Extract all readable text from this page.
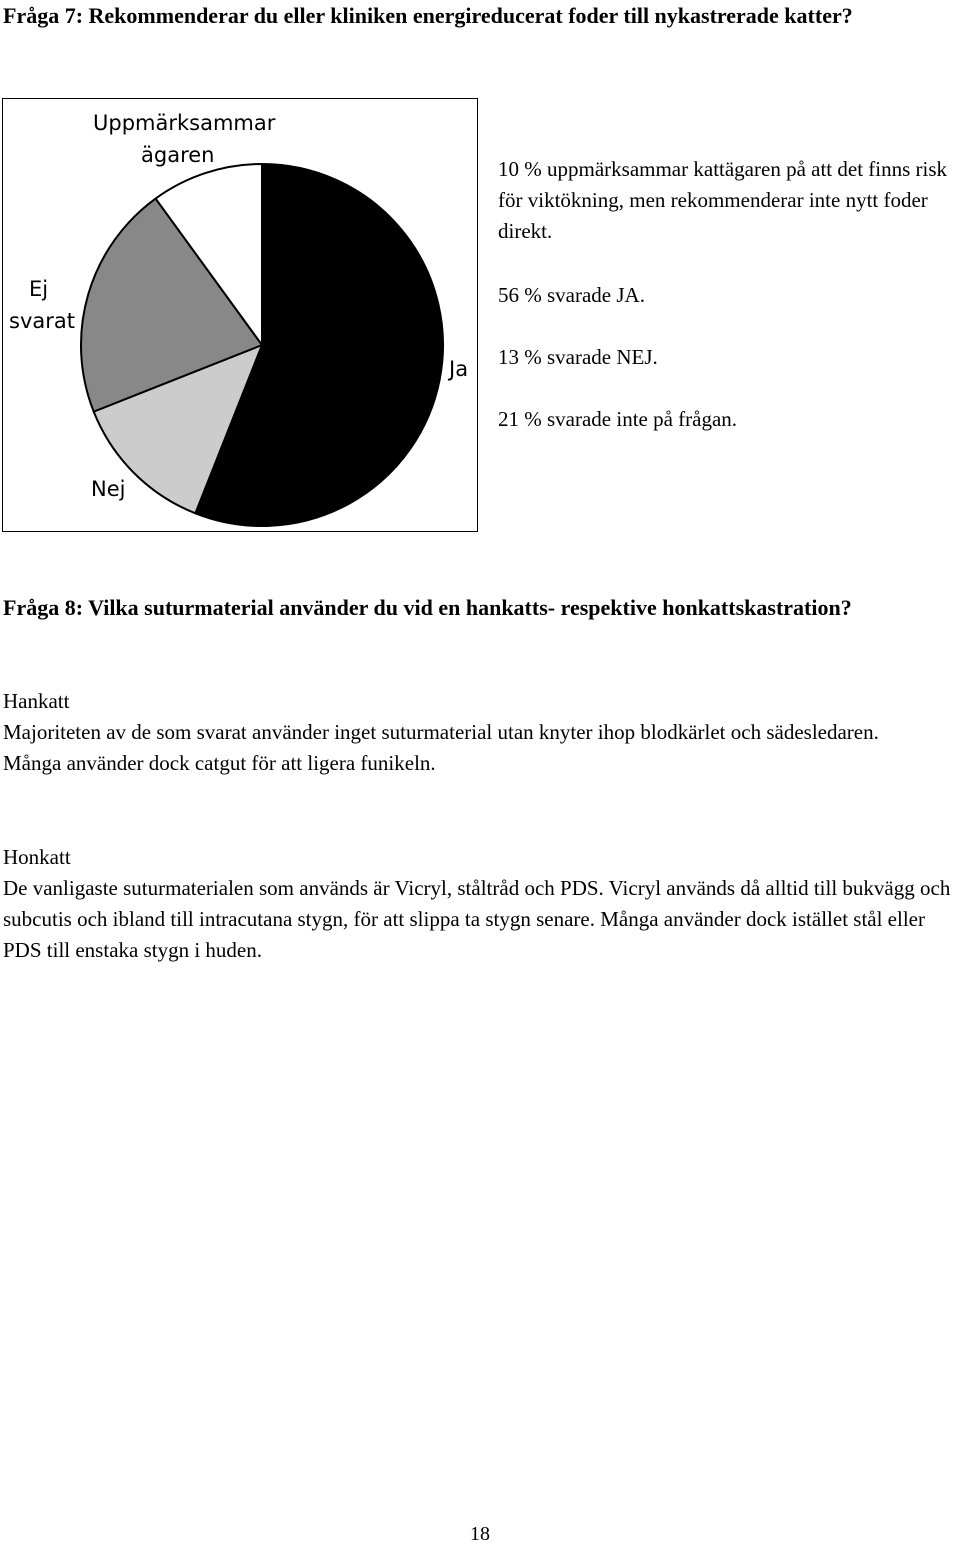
Fråga 7: Rekommenderar du eller kliniken energireducerat foder till nykastrerade katter?
Uppmärksammar
ägaren
Ej
svarat
Ja
Nej

10 % uppmärksammar kattägaren på att det finns risk för viktökning, men rekommenderar inte nytt foder direkt.

56 % svarade JA.

13 % svarade NEJ.

21 % svarade inte på frågan.

Fråga 8: Vilka suturmaterial använder du vid en hankatts- respektive honkattskastration?

Hankatt

Majoriteten av de som svarat använder inget suturmaterial utan knyter ihop blodkärlet och sädesledaren.

Många använder dock catgut för att ligera funikeln.

Honkatt

De vanligaste suturmaterialen som används är Vicryl, ståltråd och PDS. Vicryl används då alltid till bukvägg och subcutis och ibland till intracutana stygn, för att slippa ta stygn senare. Många använder dock istället stål eller PDS till enstaka stygn i huden.

18
